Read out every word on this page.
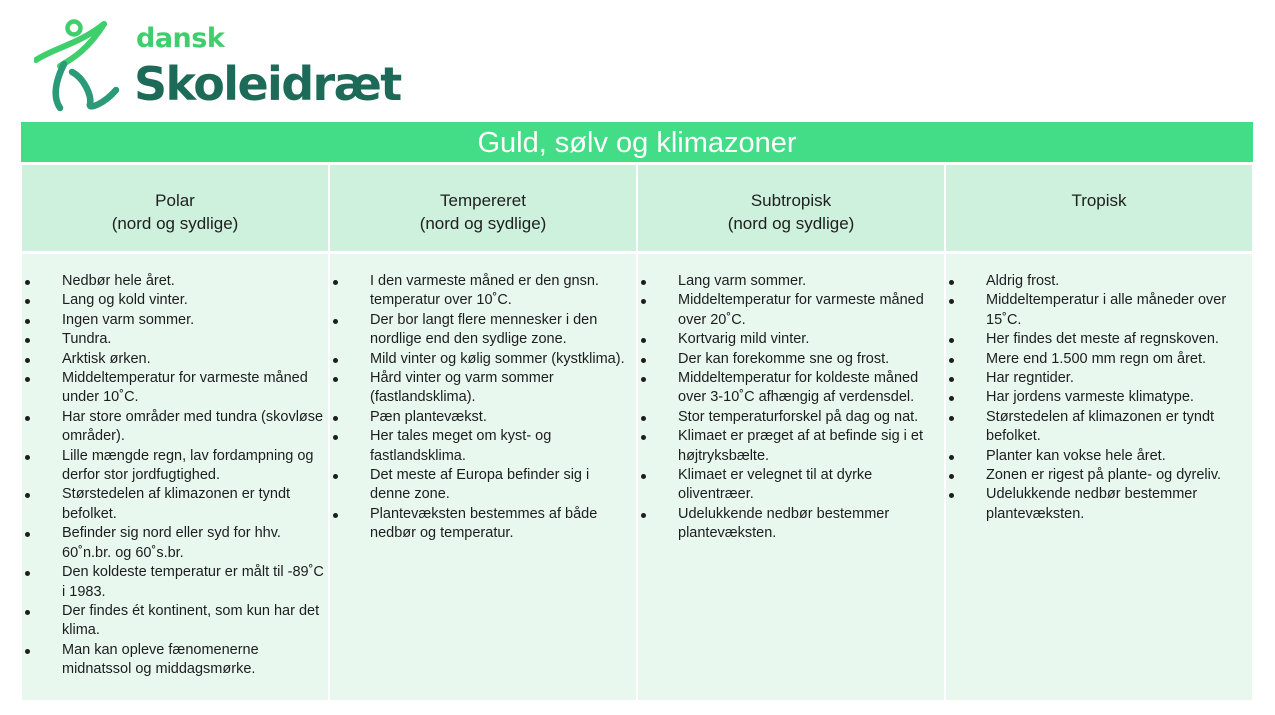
dansk
Skoleidræt
Guld, sølv og klimazoner
Polar
(nord og sydlige)
Tempereret
(nord og sydlige)
Subtropisk
(nord og sydlige)
Tropisk
Nedbør hele året.
Lang og kold vinter.
Ingen varm sommer.
Tundra.
Arktisk ørken.
Middeltemperatur for varmeste måned under 10˚C.
Har store områder med tundra (skovløse områder).
Lille mængde regn, lav fordampning og derfor stor jordfugtighed.
Størstedelen af klimazonen er tyndt befolket.
Befinder sig nord eller syd for hhv. 60˚n.br. og 60˚s.br.
Den koldeste temperatur er målt til -89˚C i 1983.
Der findes ét kontinent, som kun har det klima.
Man kan opleve fænomenerne midnatssol og middagsmørke.
I den varmeste måned er den gnsn. temperatur over 10˚C.
Der bor langt flere mennesker i den nordlige end den sydlige zone.
Mild vinter og kølig sommer (kystklima).
Hård vinter og varm sommer (fastlandsklima).
Pæn plantevækst.
Her tales meget om kyst- og fastlandsklima.
Det meste af Europa befinder sig i denne zone.
Plantevæksten bestemmes af både nedbør og temperatur.
Lang varm sommer.
Middeltemperatur for varmeste måned over 20˚C.
Kortvarig mild vinter.
Der kan forekomme sne og frost.
Middeltemperatur for koldeste måned over 3-10˚C afhængig af verdensdel.
Stor temperaturforskel på dag og nat.
Klimaet er præget af at befinde sig i et højtryksbælte.
Klimaet er velegnet til at dyrke oliventræer.
Udelukkende nedbør bestemmer plantevæksten.
Aldrig frost.
Middeltemperatur i alle måneder over 15˚C.
Her findes det meste af regnskoven.
Mere end 1.500 mm regn om året.
Har regntider.
Har jordens varmeste klimatype.
Størstedelen af klimazonen er tyndt befolket.
Planter kan vokse hele året.
Zonen er rigest på plante- og dyreliv.
Udelukkende nedbør bestemmer plantevæksten.
